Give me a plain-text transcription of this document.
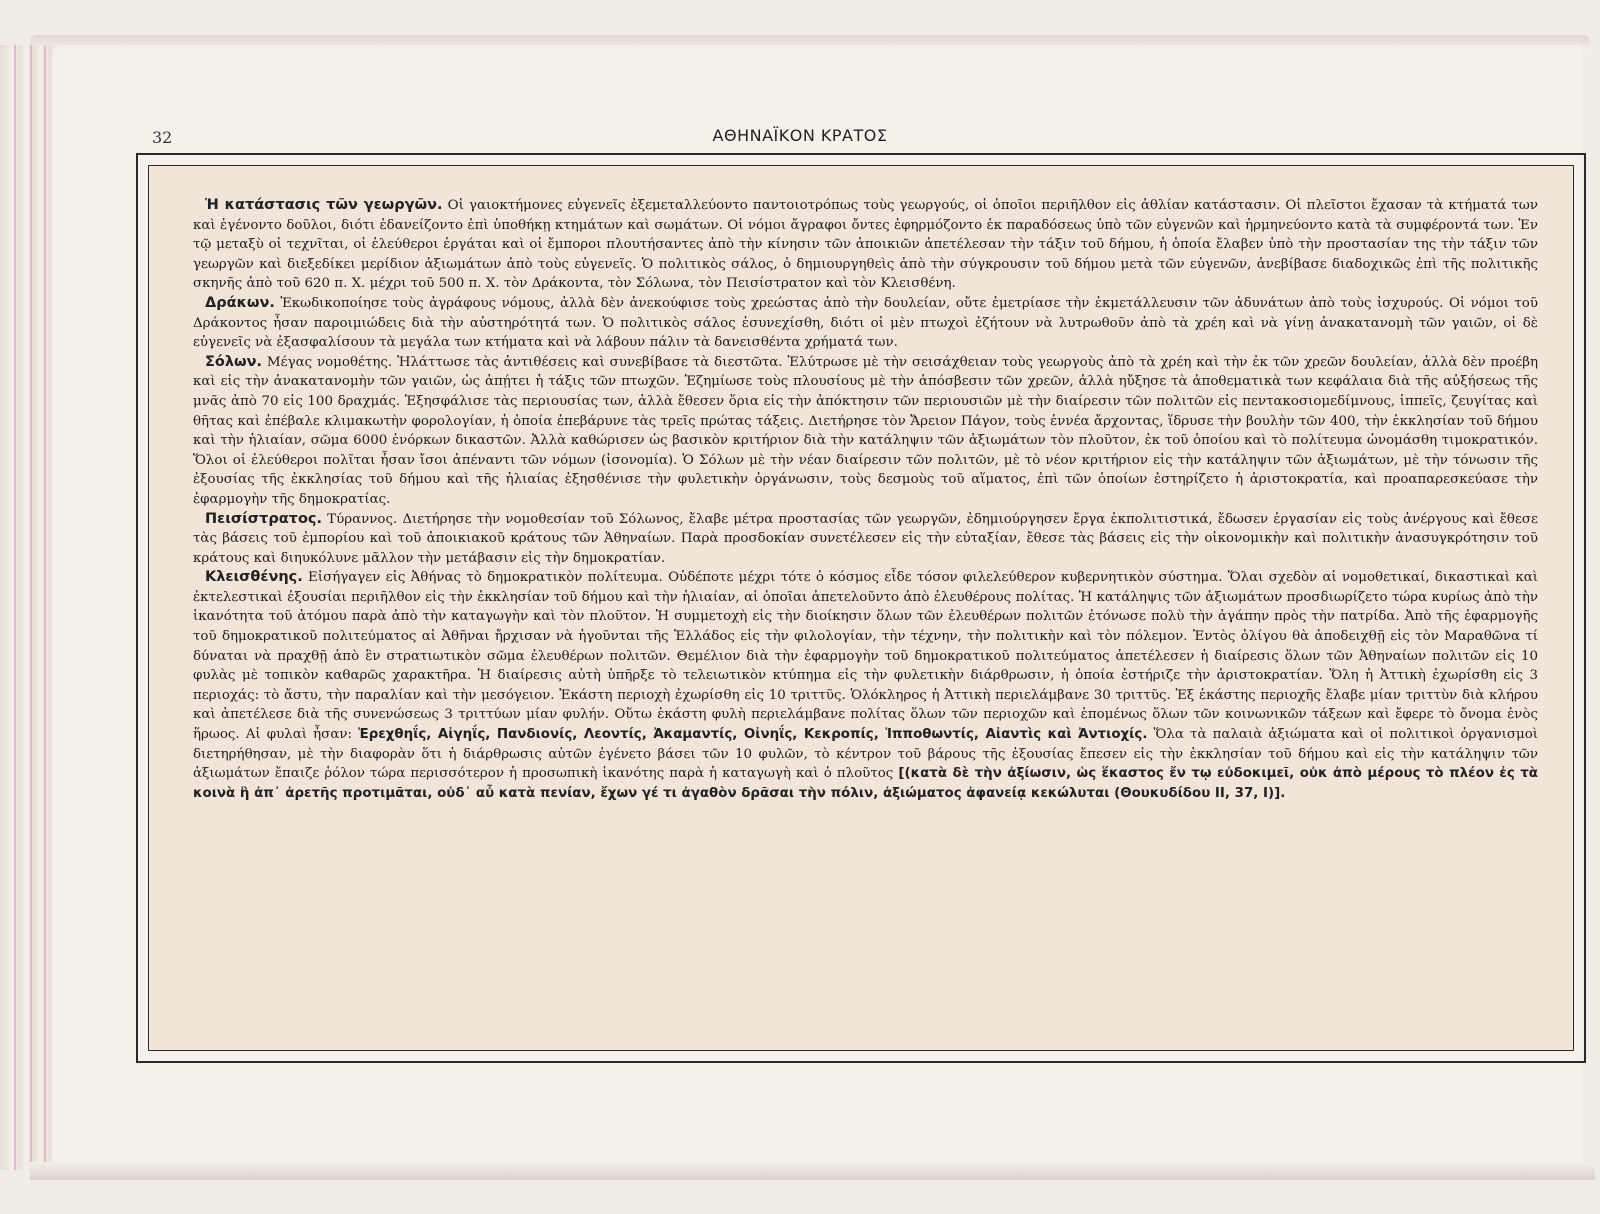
32	ΑΘΗΝΑΪΚΟΝ ΚΡΑΤΟΣ

Ἡ κατάστασις τῶν γεωργῶν. Οἱ γαιοκτήμονες εὐγενεῖς ἐξεμεταλλεύοντο παντοιοτρόπως τοὺς γεωργούς, οἱ ὁποῖοι περιῆλθον εἰς ἀθλίαν κατάστασιν. Οἱ πλεῖστοι ἔχασαν τὰ κτήματά των καὶ ἐγένοντο δοῦλοι, διότι ἐδανείζοντο ἐπὶ ὑποθήκῃ κτημάτων καὶ σωμάτων. Οἱ νόμοι ἄγραφοι ὄντες ἐφηρμόζοντο ἐκ παραδόσεως ὑπὸ τῶν εὐγενῶν καὶ ἡρμηνεύοντο κατὰ τὰ συμφέροντά των. Ἐν τῷ μεταξὺ οἱ τεχνῖται, οἱ ἐλεύθεροι ἐργάται καὶ οἱ ἔμποροι πλουτήσαντες ἀπὸ τὴν κίνησιν τῶν ἀποικιῶν ἀπετέλεσαν τὴν τάξιν τοῦ δήμου, ἡ ὁποία ἔλαβεν ὑπὸ τὴν προστασίαν της τὴν τάξιν τῶν γεωργῶν καὶ διεξεδίκει μερίδιον ἀξιωμάτων ἀπὸ τοὺς εὐγενεῖς. Ὁ πολιτικὸς σάλος, ὁ δημιουργηθεὶς ἀπὸ τὴν σύγκρουσιν τοῦ δήμου μετὰ τῶν εὐγενῶν, ἀνεβίβασε διαδοχικῶς ἐπὶ τῆς πολιτικῆς σκηνῆς ἀπὸ τοῦ 620 π. Χ. μέχρι τοῦ 500 π. Χ. τὸν Δράκοντα, τὸν Σόλωνα, τὸν Πεισίστρατον καὶ τὸν Κλεισθένη.

Δράκων. Ἐκωδικοποίησε τοὺς ἀγράφους νόμους, ἀλλὰ δὲν ἀνεκούφισε τοὺς χρεώστας ἀπὸ τὴν δουλείαν, οὔτε ἐμετρίασε τὴν ἐκμετάλλευσιν τῶν ἀδυνάτων ἀπὸ τοὺς ἰσχυρούς. Οἱ νόμοι τοῦ Δράκοντος ἦσαν παροιμιώδεις διὰ τὴν αὐστηρότητά των. Ὁ πολιτικὸς σάλος ἐσυνεχίσθη, διότι οἱ μὲν πτωχοὶ ἐζήτουν νὰ λυτρωθοῦν ἀπὸ τὰ χρέη καὶ νὰ γίνῃ ἀνακατανομὴ τῶν γαιῶν, οἱ δὲ εὐγενεῖς νὰ ἐξασφαλίσουν τὰ μεγάλα των κτήματα καὶ νὰ λάβουν πάλιν τὰ δανεισθέντα χρήματά των.

Σόλων. Μέγας νομοθέτης. Ἠλάττωσε τὰς ἀντιθέσεις καὶ συνεβίβασε τὰ διεστῶτα. Ἐλύτρωσε μὲ τὴν σεισάχθειαν τοὺς γεωργοὺς ἀπὸ τὰ χρέη καὶ τὴν ἐκ τῶν χρεῶν δουλείαν, ἀλλὰ δὲν προέβη καὶ εἰς τὴν ἀνακατανομὴν τῶν γαιῶν, ὡς ἀπῄτει ἡ τάξις τῶν πτωχῶν. Ἐζημίωσε τοὺς πλουσίους μὲ τὴν ἀπόσβεσιν τῶν χρεῶν, ἀλλὰ ηὔξησε τὰ ἀποθεματικὰ των κεφάλαια διὰ τῆς αὐξήσεως τῆς μνᾶς ἀπὸ 70 εἰς 100 δραχμάς. Ἐξησφάλισε τὰς περιουσίας των, ἀλλὰ ἔθεσεν ὅρια εἰς τὴν ἀπόκτησιν τῶν περιουσιῶν μὲ τὴν διαίρεσιν τῶν πολιτῶν εἰς πεντακοσιομεδίμνους, ἱππεῖς, ζευγίτας καὶ θῆτας καὶ ἐπέβαλε κλιμακωτὴν φορολογίαν, ἡ ὁποία ἐπεβάρυνε τὰς τρεῖς πρώτας τάξεις. Διετήρησε τὸν Ἄρειον Πάγον, τοὺς ἐννέα ἄρχοντας, ἵδρυσε τὴν βουλὴν τῶν 400, τὴν ἐκκλησίαν τοῦ δήμου καὶ τὴν ἡλιαίαν, σῶμα 6000 ἐνόρκων δικαστῶν. Ἀλλὰ καθώρισεν ὡς βασικὸν κριτήριον διὰ τὴν κατάληψιν τῶν ἀξιωμάτων τὸν πλοῦτον, ἐκ τοῦ ὁποίου καὶ τὸ πολίτευμα ὠνομάσθη τιμοκρατικόν. Ὅλοι οἱ ἐλεύθεροι πολῖται ἦσαν ἴσοι ἀπέναντι τῶν νόμων (ἰσονομία). Ὁ Σόλων μὲ τὴν νέαν διαίρεσιν τῶν πολιτῶν, μὲ τὸ νέον κριτήριον εἰς τὴν κατάληψιν τῶν ἀξιωμάτων, μὲ τὴν τόνωσιν τῆς ἐξουσίας τῆς ἐκκλησίας τοῦ δήμου καὶ τῆς ἡλιαίας ἐξησθένισε τὴν φυλετικὴν ὀργάνωσιν, τοὺς δεσμοὺς τοῦ αἵματος, ἐπὶ τῶν ὁποίων ἐστηρίζετο ἡ ἀριστοκρατία, καὶ προαπαρεσκεύασε τὴν ἐφαρμογὴν τῆς δημοκρατίας.

Πεισίστρατος. Τύραννος. Διετήρησε τὴν νομοθεσίαν τοῦ Σόλωνος, ἔλαβε μέτρα προστασίας τῶν γεωργῶν, ἐδημιούργησεν ἔργα ἐκπολιτιστικά, ἔδωσεν ἐργασίαν εἰς τοὺς ἀνέργους καὶ ἔθεσε τὰς βάσεις τοῦ ἐμπορίου καὶ τοῦ ἀποικιακοῦ κράτους τῶν Ἀθηναίων. Παρὰ προσδοκίαν συνετέλεσεν εἰς τὴν εὐταξίαν, ἔθεσε τὰς βάσεις εἰς τὴν οἰκονομικὴν καὶ πολιτικὴν ἀνασυγκρότησιν τοῦ κράτους καὶ διηυκόλυνε μᾶλλον τὴν μετάβασιν εἰς τὴν δημοκρατίαν.

Κλεισθένης. Εἰσήγαγεν εἰς Ἀθήνας τὸ δημοκρατικὸν πολίτευμα. Οὐδέποτε μέχρι τότε ὁ κόσμος εἶδε τόσον φιλελεύθερον κυβερνητικὸν σύστημα. Ὅλαι σχεδὸν αἱ νομοθετικαί, δικαστικαὶ καὶ ἐκτελεστικαὶ ἐξουσίαι περιῆλθον εἰς τὴν ἐκκλησίαν τοῦ δήμου καὶ τὴν ἡλιαίαν, αἱ ὁποῖαι ἀπετελοῦντο ἀπὸ ἐλευθέρους πολίτας. Ἡ κατάληψις τῶν ἀξιωμάτων προσδιωρίζετο τώρα κυρίως ἀπὸ τὴν ἱκανότητα τοῦ ἀτόμου παρὰ ἀπὸ τὴν καταγωγὴν καὶ τὸν πλοῦτον. Ἡ συμμετοχὴ εἰς τὴν διοίκησιν ὅλων τῶν ἐλευθέρων πολιτῶν ἐτόνωσε πολὺ τὴν ἀγάπην πρὸς τὴν πατρίδα. Ἀπὸ τῆς ἐφαρμογῆς τοῦ δημοκρατικοῦ πολιτεύματος αἱ Ἀθῆναι ἤρχισαν νὰ ἡγοῦνται τῆς Ἑλλάδος εἰς τὴν φιλολογίαν, τὴν τέχνην, τὴν πολιτικὴν καὶ τὸν πόλεμον. Ἐντὸς ὀλίγου θὰ ἀποδειχθῇ εἰς τὸν Μαραθῶνα τί δύναται νὰ πραχθῇ ἀπὸ ἓν στρατιωτικὸν σῶμα ἐλευθέρων πολιτῶν. Θεμέλιον διὰ τὴν ἐφαρμογὴν τοῦ δημοκρατικοῦ πολιτεύματος ἀπετέλεσεν ἡ διαίρεσις ὅλων τῶν Ἀθηναίων πολιτῶν εἰς 10 φυλὰς μὲ τοπικὸν καθαρῶς χαρακτῆρα. Ἡ διαίρεσις αὐτὴ ὑπῆρξε τὸ τελειωτικὸν κτύπημα εἰς τὴν φυλετικὴν διάρθρωσιν, ἡ ὁποία ἐστήριζε τὴν ἀριστοκρατίαν. Ὅλη ἡ Ἀττικὴ ἐχωρίσθη εἰς 3 περιοχάς: τὸ ἄστυ, τὴν παραλίαν καὶ τὴν μεσόγειον. Ἑκάστη περιοχὴ ἐχωρίσθη εἰς 10 τριττῦς. Ὁλόκληρος ἡ Ἀττικὴ περιελάμβανε 30 τριττῦς. Ἐξ ἑκάστης περιοχῆς ἔλαβε μίαν τριττὺν διὰ κλήρου καὶ ἀπετέλεσε διὰ τῆς συνενώσεως 3 τριττύων μίαν φυλήν. Οὕτω ἑκάστη φυλὴ περιελάμβανε πολίτας ὅλων τῶν περιοχῶν καὶ ἑπομένως ὅλων τῶν κοινωνικῶν τάξεων καὶ ἔφερε τὸ ὄνομα ἑνὸς ἥρωος. Αἱ φυλαὶ ἦσαν: Ἐρεχθηΐς, Αἰγηΐς, Πανδιονίς, Λεοντίς, Ἀκαμαντίς, Οἰνηΐς, Κεκροπίς, Ἱπποθωντίς, Αἰαντὶς καὶ Ἀντιοχίς. Ὅλα τὰ παλαιὰ ἀξιώματα καὶ οἱ πολιτικοὶ ὀργανισμοὶ διετηρήθησαν, μὲ τὴν διαφορὰν ὅτι ἡ διάρθρωσις αὐτῶν ἐγένετο βάσει τῶν 10 φυλῶν, τὸ κέντρον τοῦ βάρους τῆς ἐξουσίας ἔπεσεν εἰς τὴν ἐκκλησίαν τοῦ δήμου καὶ εἰς τὴν κατάληψιν τῶν ἀξιωμάτων ἔπαιζε ῥόλον τώρα περισσότερον ἡ προσωπικὴ ἱκανότης παρὰ ἡ καταγωγὴ καὶ ὁ πλοῦτος [(κατὰ δὲ τὴν ἀξίωσιν, ὡς ἕκαστος ἔν τῳ εὐδοκιμεῖ, οὐκ ἀπὸ μέρους τὸ πλέον ἐς τὰ κοινὰ ἢ ἀπ᾽ ἀρετῆς προτιμᾶται, οὐδ᾽ αὖ κατὰ πενίαν, ἔχων γέ τι ἀγαθὸν δρᾶσαι τὴν πόλιν, ἀξιώματος ἀφανείᾳ κεκώλυται (Θουκυδίδου ΙΙ, 37, Ι)].
